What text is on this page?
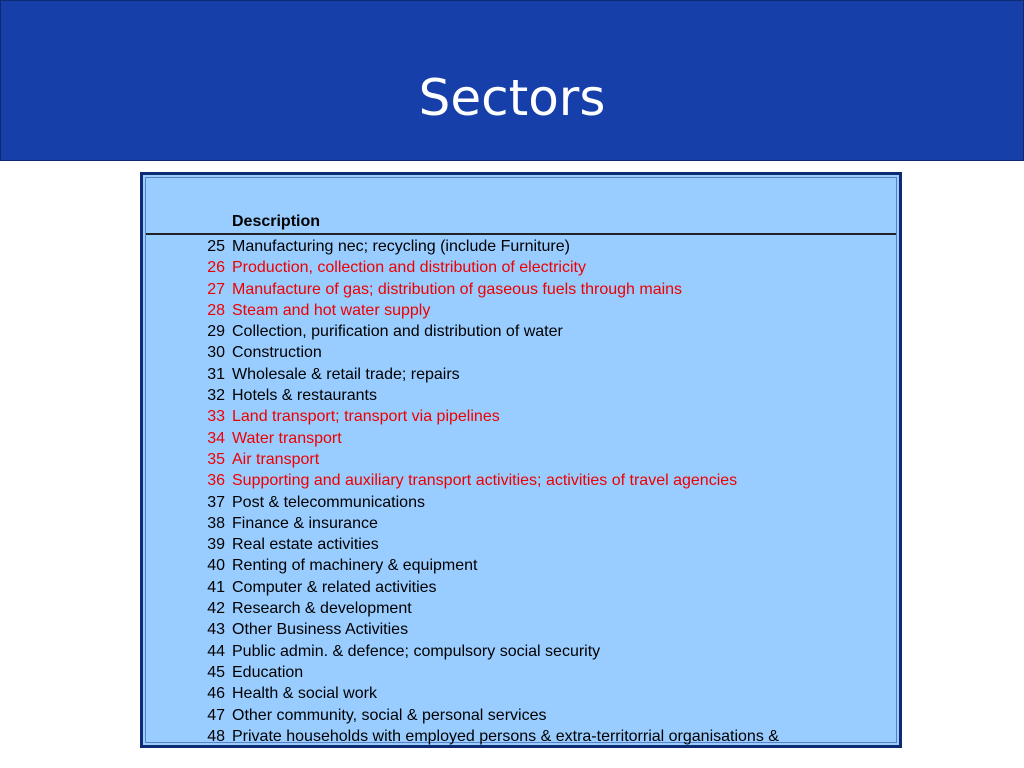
Sectors
Description
25 Manufacturing nec; recycling (include Furniture)
26 Production, collection and distribution of electricity
27 Manufacture of gas; distribution of gaseous fuels through mains
28 Steam and hot water supply
29 Collection, purification and distribution of water
30 Construction
31 Wholesale & retail trade; repairs
32 Hotels & restaurants
33 Land transport; transport via pipelines
34 Water transport
35 Air transport
36 Supporting and auxiliary transport activities; activities of travel agencies
37 Post & telecommunications
38 Finance & insurance
39 Real estate activities
40 Renting of machinery & equipment
41 Computer & related activities
42 Research & development
43 Other Business Activities
44 Public admin. & defence; compulsory social security
45 Education
46 Health & social work
47 Other community, social & personal services
48 Private households with employed persons & extra-territorrial organisations &
